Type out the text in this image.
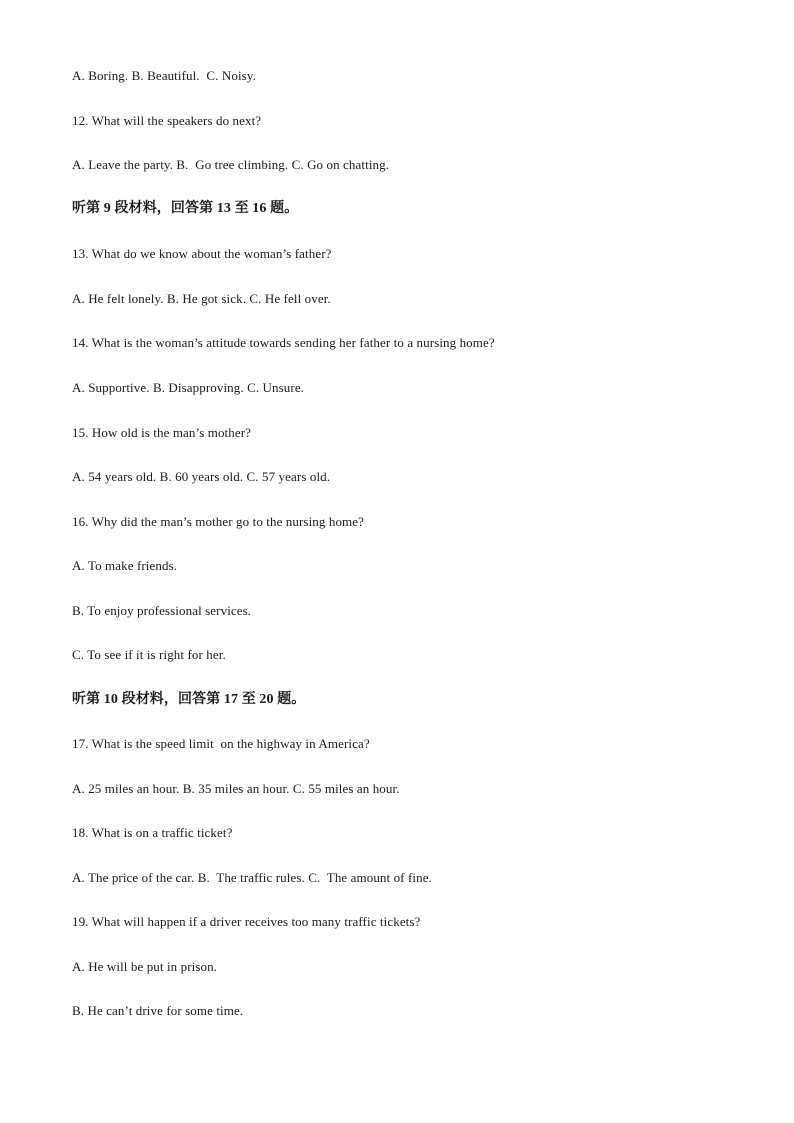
A. Boring. B. Beautiful.  C. Noisy.
12. What will the speakers do next?
A. Leave the party. B.  Go tree climbing. C. Go on chatting.
听第 9 段材料，回答第 13 至 16 题。
13. What do we know about the woman’s father?
A. He felt lonely. B. He got sick. C. He fell over.
14. What is the woman’s attitude towards sending her father to a nursing home?
A. Supportive. B. Disapproving. C. Unsure.
15. How old is the man’s mother?
A. 54 years old. B. 60 years old. C. 57 years old.
16. Why did the man’s mother go to the nursing home?
A. To make friends.
B. To enjoy professional services.
C. To see if it is right for her.
听第 10 段材料，回答第 17 至 20 题。
17. What is the speed limit  on the highway in America?
A. 25 miles an hour. B. 35 miles an hour. C. 55 miles an hour.
18. What is on a traffic ticket?
A. The price of the car. B.  The traffic rules. C.  The amount of fine.
19. What will happen if a driver receives too many traffic tickets?
A. He will be put in prison.
B. He can’t drive for some time.
